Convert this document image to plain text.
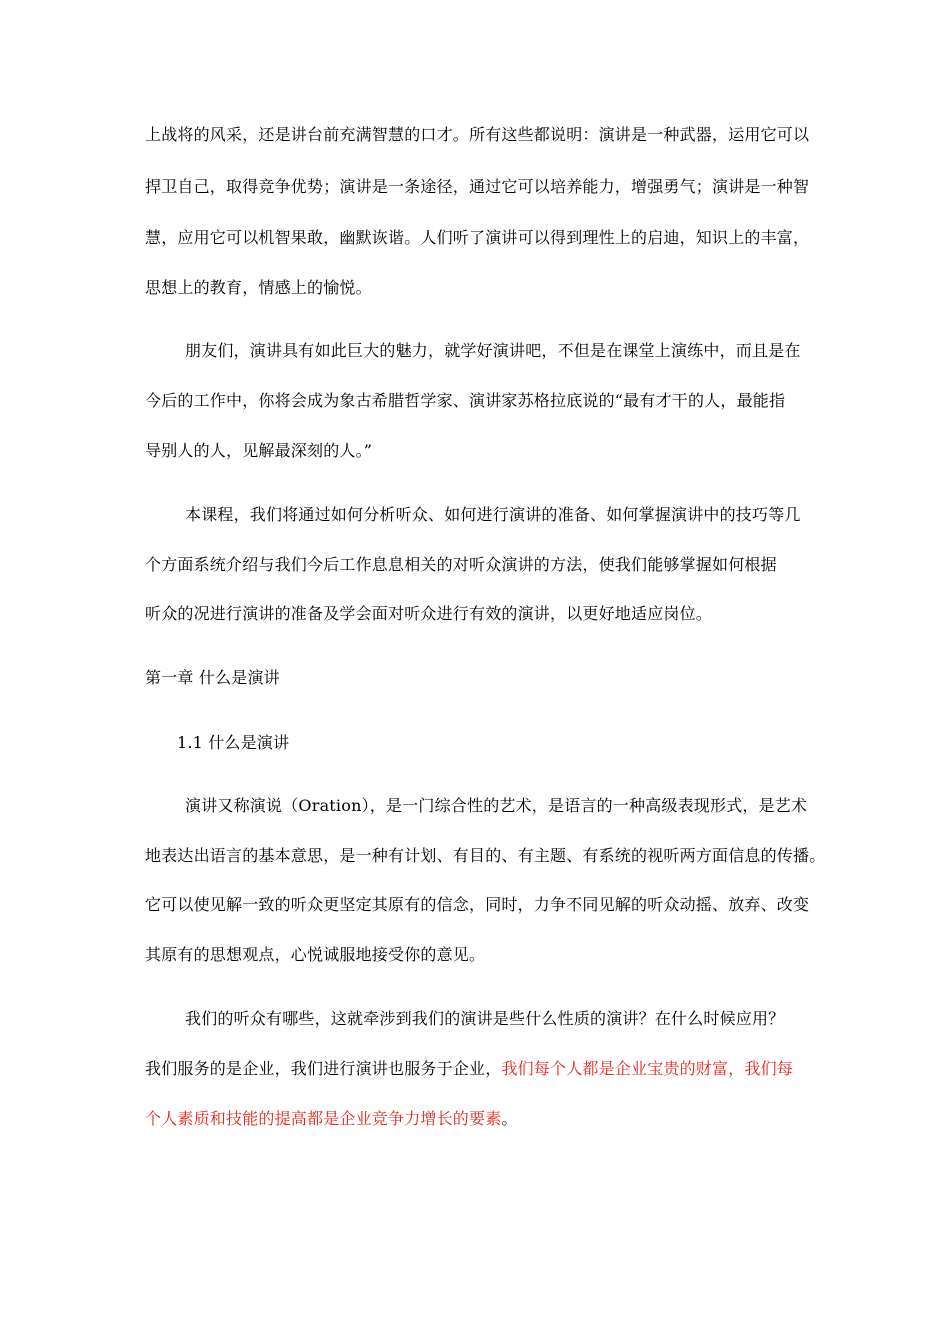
上战将的风采，还是讲台前充满智慧的口才。所有这些都说明：演讲是一种武器，运用它可以
捍卫自己，取得竞争优势；演讲是一条途径，通过它可以培养能力，增强勇气；演讲是一种智
慧，应用它可以机智果敢，幽默诙谐。人们听了演讲可以得到理性上的启迪，知识上的丰富，
思想上的教育，情感上的愉悦。
朋友们，演讲具有如此巨大的魅力，就学好演讲吧，不但是在课堂上演练中，而且是在
今后的工作中，你将会成为象古希腊哲学家、演讲家苏格拉底说的“最有才干的人，最能指
导别人的人，见解最深刻的人。”
本课程，我们将通过如何分析听众、如何进行演讲的准备、如何掌握演讲中的技巧等几
个方面系统介绍与我们今后工作息息相关的对听众演讲的方法，使我们能够掌握如何根据
听众的况进行演讲的准备及学会面对听众进行有效的演讲，以更好地适应岗位。
第一章 什么是演讲
1.1 什么是演讲
演讲又称演说（Oration），是一门综合性的艺术，是语言的一种高级表现形式，是艺术
地表达出语言的基本意思，是一种有计划、有目的、有主题、有系统的视听两方面信息的传播。
它可以使见解一致的听众更坚定其原有的信念，同时，力争不同见解的听众动摇、放弃、改变
其原有的思想观点，心悦诚服地接受你的意见。
我们的听众有哪些，这就牵涉到我们的演讲是些什么性质的演讲？在什么时候应用？
我们服务的是企业，我们进行演讲也服务于企业，我们每个人都是企业宝贵的财富，我们每
个人素质和技能的提高都是企业竞争力增长的要素。
